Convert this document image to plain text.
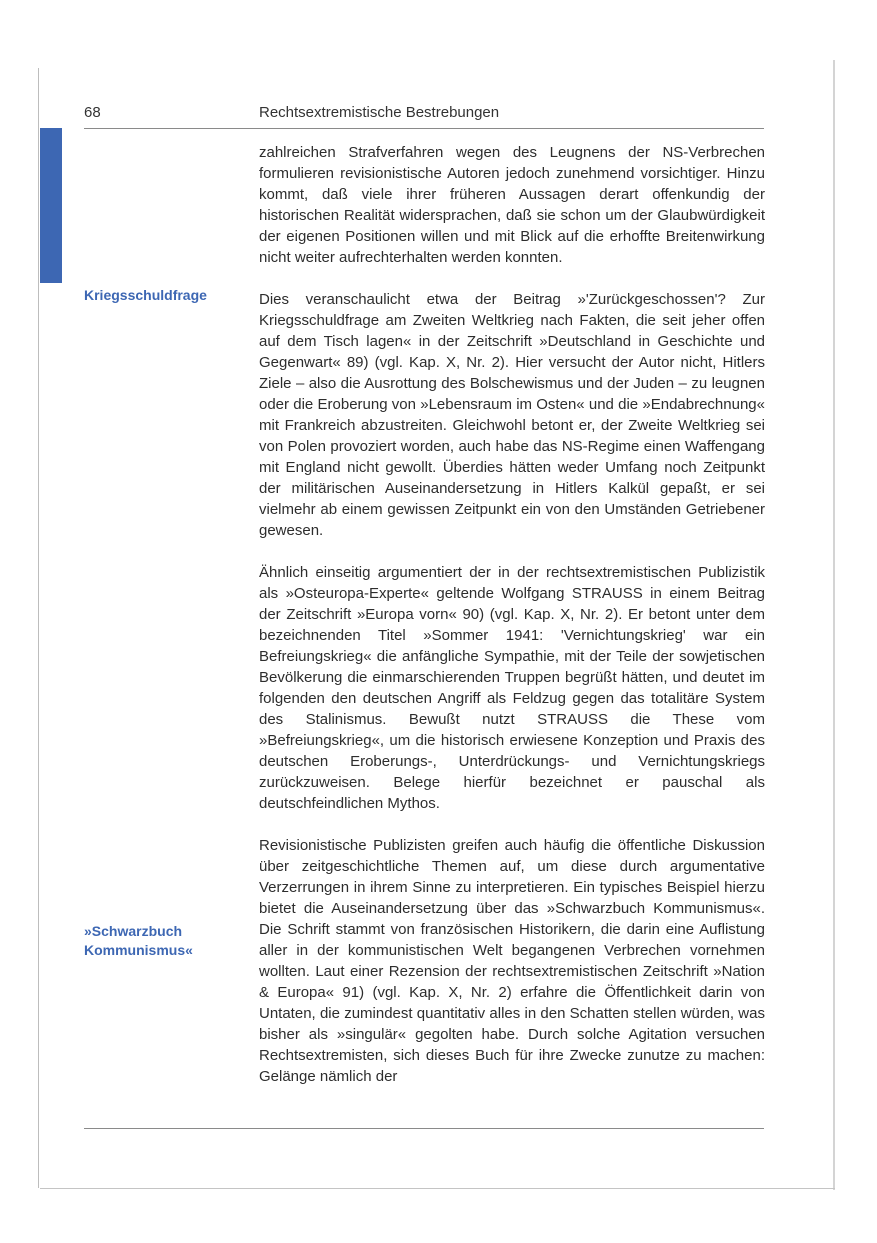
68	Rechtsextremistische Bestrebungen
Kriegsschuldfrage
»Schwarzbuch
Kommunismus«

zahlreichen Strafverfahren wegen des Leugnens der NS-Verbrechen formulieren revisionistische Autoren jedoch zunehmend vorsichtiger. Hinzu kommt, daß viele ihrer früheren Aussagen derart offenkundig der historischen Realität widersprachen, daß sie schon um der Glaubwürdigkeit der eigenen Positionen willen und mit Blick auf die erhoffte Breitenwirkung nicht weiter aufrechterhalten werden konnten.

Dies veranschaulicht etwa der Beitrag »'Zurückgeschossen'? Zur Kriegsschuldfrage am Zweiten Weltkrieg nach Fakten, die seit jeher offen auf dem Tisch lagen« in der Zeitschrift »Deutschland in Geschichte und Gegenwart« 89) (vgl. Kap. X, Nr. 2). Hier versucht der Autor nicht, Hitlers Ziele – also die Ausrottung des Bolschewismus und der Juden – zu leugnen oder die Eroberung von »Lebensraum im Osten« und die »Endabrechnung« mit Frankreich abzustreiten. Gleichwohl betont er, der Zweite Weltkrieg sei von Polen provoziert worden, auch habe das NS-Regime einen Waffengang mit England nicht gewollt. Überdies hätten weder Umfang noch Zeitpunkt der militärischen Auseinandersetzung in Hitlers Kalkül gepaßt, er sei vielmehr ab einem gewissen Zeitpunkt ein von den Umständen Getriebener gewesen.

Ähnlich einseitig argumentiert der in der rechtsextremistischen Publizistik als »Osteuropa-Experte« geltende Wolfgang STRAUSS in einem Beitrag der Zeitschrift »Europa vorn« 90) (vgl. Kap. X, Nr. 2). Er betont unter dem bezeichnenden Titel »Sommer 1941: 'Vernichtungskrieg' war ein Befreiungskrieg« die anfängliche Sympathie, mit der Teile der sowjetischen Bevölkerung die einmarschierenden Truppen begrüßt hätten, und deutet im folgenden den deutschen Angriff als Feldzug gegen das totalitäre System des Stalinismus. Bewußt nutzt STRAUSS die These vom »Befreiungskrieg«, um die historisch erwiesene Konzeption und Praxis des deutschen Eroberungs-, Unterdrückungs- und Vernichtungskriegs zurückzuweisen. Belege hierfür bezeichnet er pauschal als deutschfeindlichen Mythos.

Revisionistische Publizisten greifen auch häufig die öffentliche Diskussion über zeitgeschichtliche Themen auf, um diese durch argumentative Verzerrungen in ihrem Sinne zu interpretieren. Ein typisches Beispiel hierzu bietet die Auseinandersetzung über das »Schwarzbuch Kommunismus«. Die Schrift stammt von französischen Historikern, die darin eine Auflistung aller in der kommunistischen Welt begangenen Verbrechen vornehmen wollten. Laut einer Rezension der rechtsextremistischen Zeitschrift »Nation & Europa« 91) (vgl. Kap. X, Nr. 2) erfahre die Öffentlichkeit darin von Untaten, die zumindest quantitativ alles in den Schatten stellen würden, was bisher als »singulär« gegolten habe. Durch solche Agitation versuchen Rechtsextremisten, sich dieses Buch für ihre Zwecke zunutze zu machen: Gelänge nämlich der
